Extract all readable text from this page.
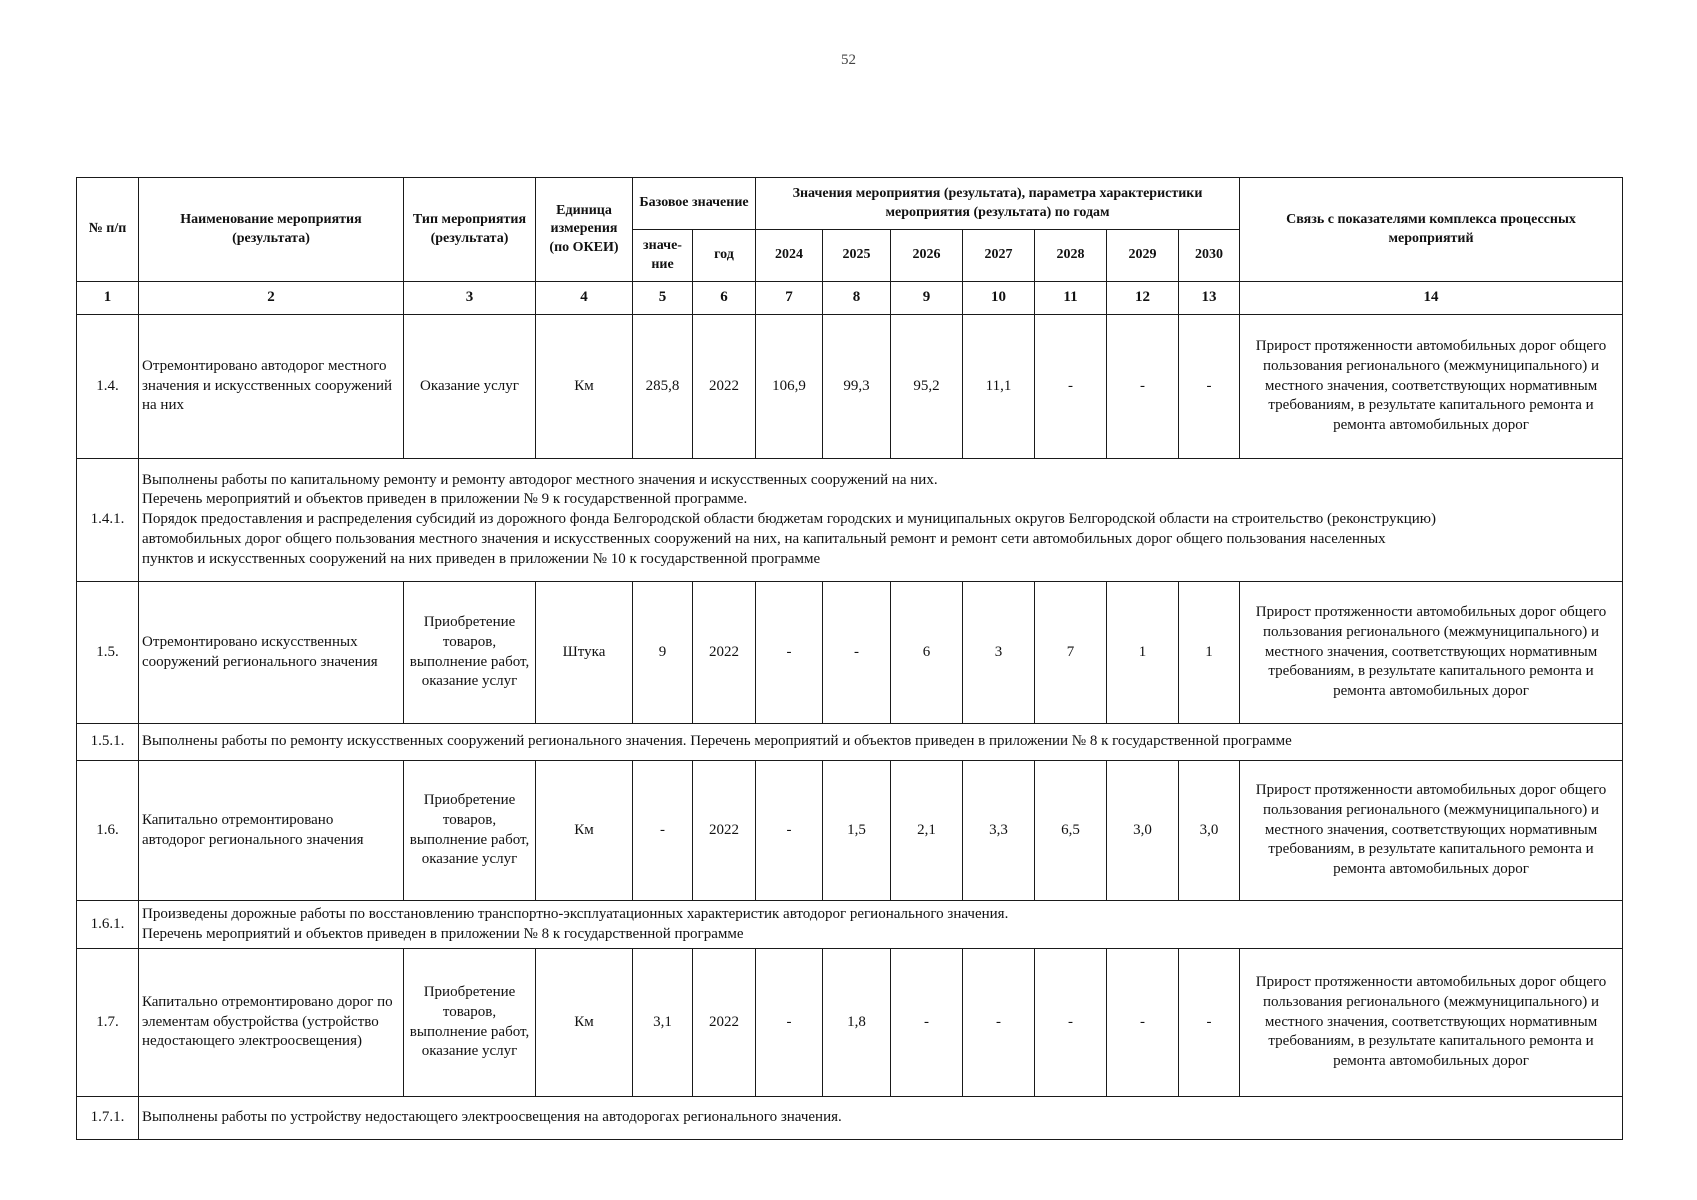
52
№ п/п	Наименование мероприятия (результата)	Тип мероприятия (результата)	Единица измерения (по ОКЕИ)	Базовое значение		Значения мероприятия (результата), параметра характеристики мероприятия (результата) по годам							Связь с показателями комплекса процессных мероприятий
				значе-ние	год	2024	2025	2026	2027	2028	2029	2030	
1	2	3	4	5	6	7	8	9	10	11	12	13	14
1.4.	Отремонтировано автодорог местного значения и искусственных сооружений на них	Оказание услуг	Км	285,8	2022	106,9	99,3	95,2	11,1	-	-	-	Прирост протяженности автомобильных дорог общего пользования регионального (межмуниципального) и местного значения, соответствующих нормативным требованиям, в результате капитального ремонта и ремонта автомобильных дорог
1.4.1.	Выполнены работы по капитальному ремонту и ремонту автодорог местного значения и искусственных сооружений на них.
Перечень мероприятий и объектов приведен в приложении № 9 к государственной программе.
Порядок предоставления и распределения субсидий из дорожного фонда Белгородской области бюджетам городских и муниципальных округов Белгородской области на строительство (реконструкцию)
автомобильных дорог общего пользования местного значения и искусственных сооружений на них, на капитальный ремонт и ремонт сети автомобильных дорог общего пользования населенных
пунктов и искусственных сооружений на них приведен в приложении № 10 к государственной программе												

1.5.	Отремонтировано искусственных сооружений регионального значения	Приобретение товаров, выполнение работ, оказание услуг	Штука	9	2022	-	-	6	3	7	1	1	Прирост протяженности автомобильных дорог общего пользования регионального (межмуниципального) и местного значения, соответствующих нормативным требованиям, в результате капитального ремонта и ремонта автомобильных дорог
1.5.1.	Выполнены работы по ремонту искусственных сооружений регионального значения. Перечень мероприятий и объектов приведен в приложении № 8 к государственной программе												

1.6.	Капитально отремонтировано автодорог регионального значения	Приобретение товаров, выполнение работ, оказание услуг	Км	-	2022	-	1,5	2,1	3,3	6,5	3,0	3,0	Прирост протяженности автомобильных дорог общего пользования регионального (межмуниципального) и местного значения, соответствующих нормативным требованиям, в результате капитального ремонта и ремонта автомобильных дорог
1.6.1.	Произведены дорожные работы по восстановлению транспортно-эксплуатационных характеристик автодорог регионального значения.
Перечень мероприятий и объектов приведен в приложении № 8 к государственной программе												

1.7.	Капитально отремонтировано дорог по элементам обустройства (устройство недостающего электроосвещения)	Приобретение товаров, выполнение работ, оказание услуг	Км	3,1	2022	-	1,8	-	-	-	-	-	Прирост протяженности автомобильных дорог общего пользования регионального (межмуниципального) и местного значения, соответствующих нормативным требованиям, в результате капитального ремонта и ремонта автомобильных дорог
1.7.1.	Выполнены работы по устройству недостающего электроосвещения на автодорогах регионального значения.												
